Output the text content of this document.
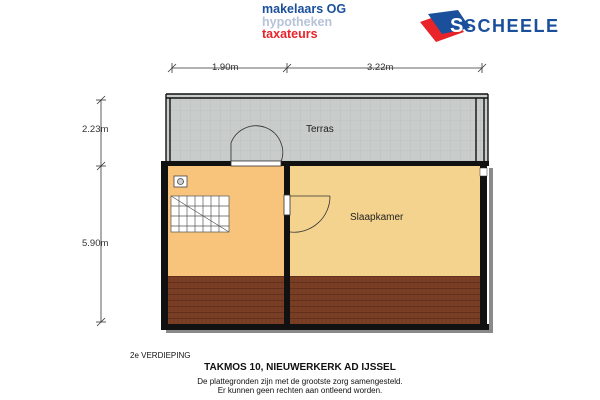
makelaars OG
hypotheken
taxateurs	S SCHEELE
1.90m	3.22m
2.23m
5.90m
Terras
Slaapkamer
2e VERDIEPING
TAKMOS 10, NIEUWERKERK AD IJSSEL
De plattegronden zijn met de grootste zorg samengesteld.
Er kunnen geen rechten aan ontleend worden.
